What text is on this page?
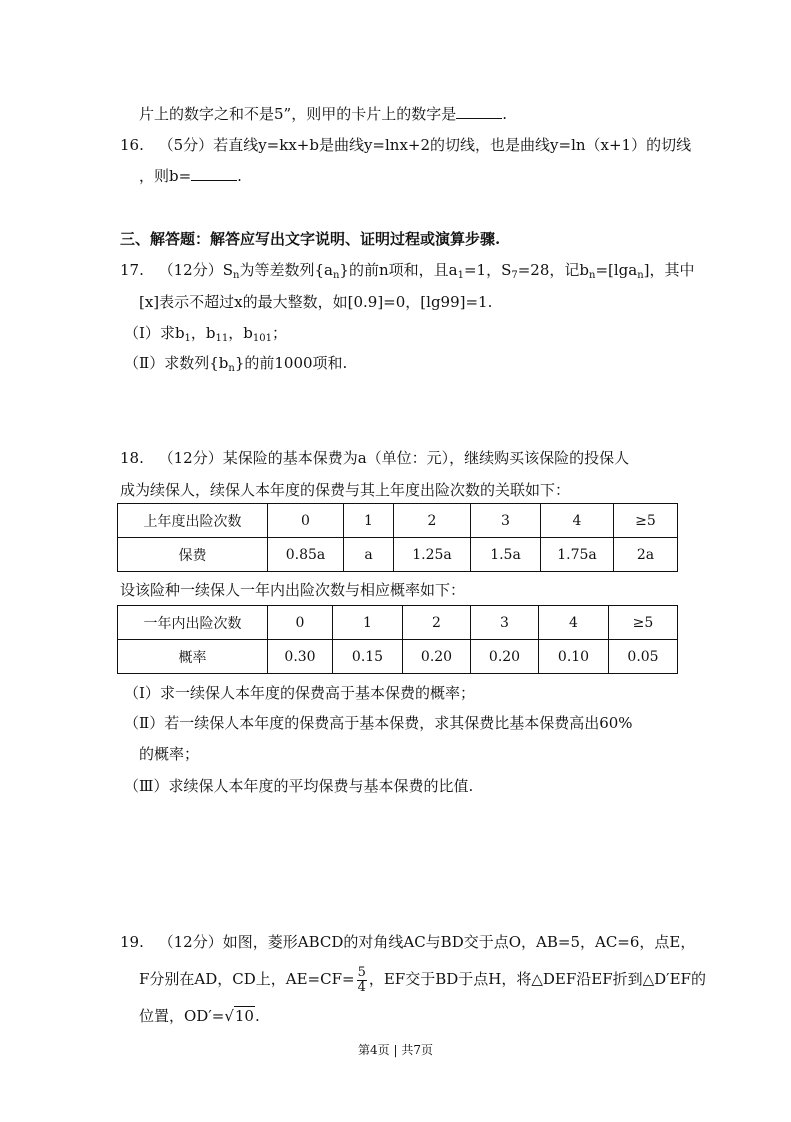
片上的数字之和不是5”，则甲的卡片上的数字是	.
16. （5分）若直线y=kx+b是曲线y=lnx+2的切线，也是曲线y=ln（x+1）的切线
，则b=	.
三、解答题：解答应写出文字说明、证明过程或演算步骤.
17. （12分）$S_n$为等差数列$\{a_n\}$的前n项和，且$a_1=1$，$S_7=28$，记$b_n=[\lg a_n]$，其中
[x]表示不超过x的最大整数，如[0.9]=0，[lg99]=1.
（Ⅰ）求$b_1$，$b_{11}$，$b_{101}$；
（Ⅱ）求数列$\{b_n\}$的前1000项和.
18. （12分）某保险的基本保费为a（单位：元），继续购买该保险的投保人
成为续保人，续保人本年度的保费与其上年度出险次数的关联如下：
上年度出险次数	0	1	2	3	4	≥5
保费	0.85a	a	1.25a	1.5a	1.75a	2a
设该险种一续保人一年内出险次数与相应概率如下：
一年内出险次数	0	1	2	3	4	≥5
概率	0.30	0.15	0.20	0.20	0.10	0.05
（Ⅰ）求一续保人本年度的保费高于基本保费的概率；
（Ⅱ）若一续保人本年度的保费高于基本保费，求其保费比基本保费高出60%
的概率；
（Ⅲ）求续保人本年度的平均保费与基本保费的比值.
19. （12分）如图，菱形ABCD的对角线AC与BD交于点O，AB=5，AC=6，点E，
F分别在AD，CD上，$AE=CF= \frac{5}{4}$ ，EF交于BD于点H，将△DEF沿EF折到△D′EF的
位置，OD′=√10.
第4页 | 共7页
